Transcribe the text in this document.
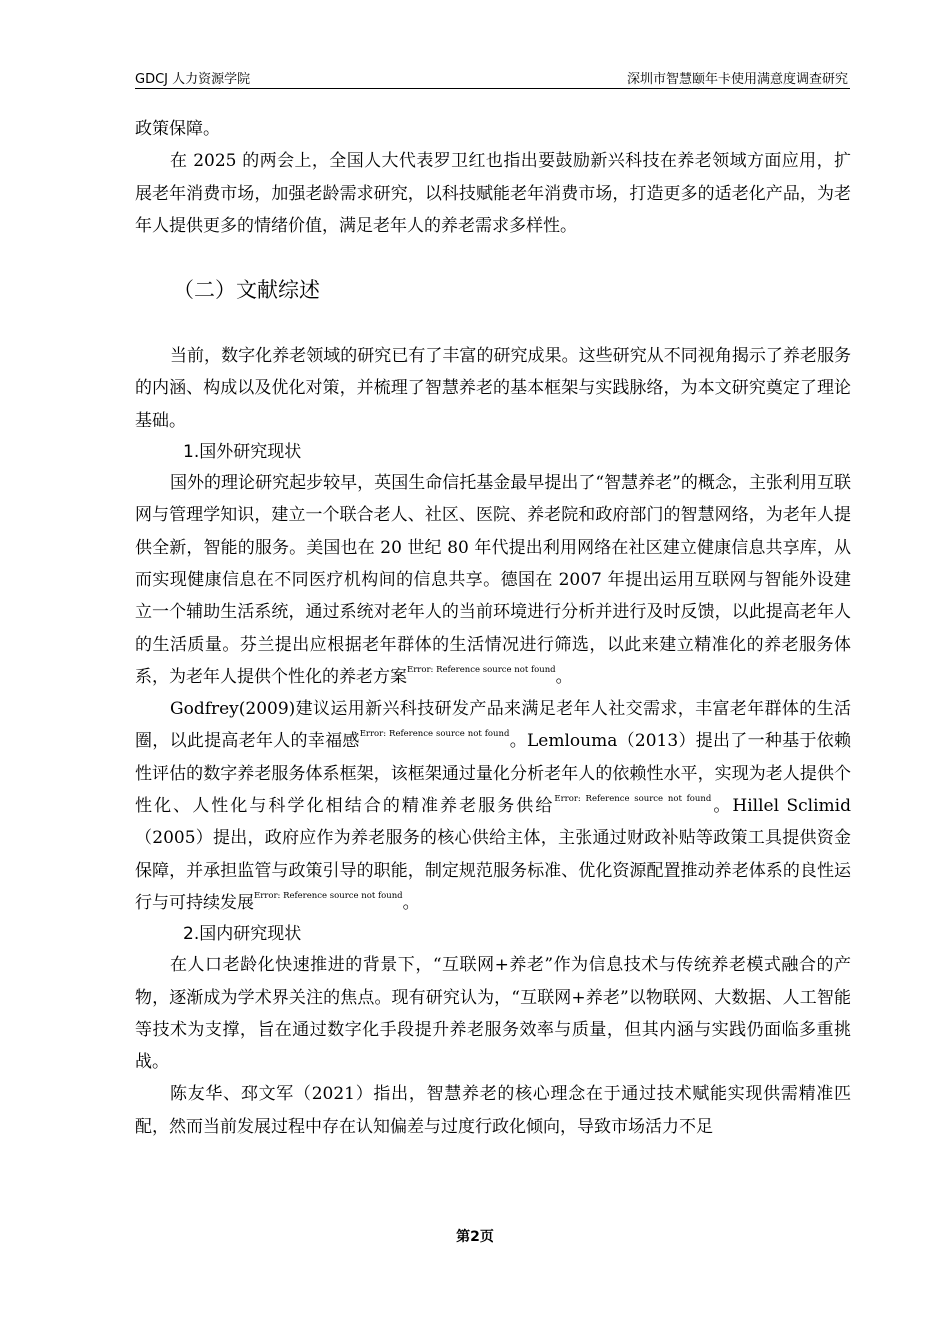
GDCJ 人力资源学院	深圳市智慧颐年卡使用满意度调查研究

政策保障。

在 2025 的两会上，全国人大代表罗卫红也指出要鼓励新兴科技在养老领域方面应用，扩展老年消费市场，加强老龄需求研究，以科技赋能老年消费市场，打造更多的适老化产品，为老年人提供更多的情绪价值，满足老年人的养老需求多样性。

（二）文献综述

当前，数字化养老领域的研究已有了丰富的研究成果。这些研究从不同视角揭示了养老服务的内涵、构成以及优化对策，并梳理了智慧养老的基本框架与实践脉络，为本文研究奠定了理论基础。

1.国外研究现状

国外的理论研究起步较早，英国生命信托基金最早提出了“智慧养老”的概念，主张利用互联网与管理学知识，建立一个联合老人、社区、医院、养老院和政府部门的智慧网络，为老年人提供全新，智能的服务。美国也在 20 世纪 80 年代提出利用网络在社区建立健康信息共享库，从而实现健康信息在不同医疗机构间的信息共享。德国在 2007 年提出运用互联网与智能外设建立一个辅助生活系统，通过系统对老年人的当前环境进行分析并进行及时反馈，以此提高老年人的生活质量。芬兰提出应根据老年群体的生活情况进行筛选，以此来建立精准化的养老服务体系，为老年人提供个性化的养老方案$^{Error: Reference source not found}$。

Godfrey(2009)建议运用新兴科技研发产品来满足老年人社交需求，丰富老年群体的生活圈，以此提高老年人的幸福感$^{Error: Reference source not found}$。Lemlouma（2013）提出了一种基于依赖性评估的数字养老服务体系框架，该框架通过量化分析老年人的依赖性水平，实现为老人提供个性化、人性化与科学化相结合的精准养老服务供给$^{Error: Reference source not found}$。Hillel Sclimid（2005）提出，政府应作为养老服务的核心供给主体，主张通过财政补贴等政策工具提供资金保障，并承担监管与政策引导的职能，制定规范服务标准、优化资源配置推动养老体系的良性运行与可持续发展$^{Error: Reference source not found}$。

2.国内研究现状

在人口老龄化快速推进的背景下，“互联网+养老”作为信息技术与传统养老模式融合的产物，逐渐成为学术界关注的焦点。现有研究认为，“互联网+养老”以物联网、大数据、人工智能等技术为支撑，旨在通过数字化手段提升养老服务效率与质量，但其内涵与实践仍面临多重挑战。

陈友华、邳文军（2021）指出，智慧养老的核心理念在于通过技术赋能实现供需精准匹配，然而当前发展过程中存在认知偏差与过度行政化倾向，导致市场活力不足

第2页
